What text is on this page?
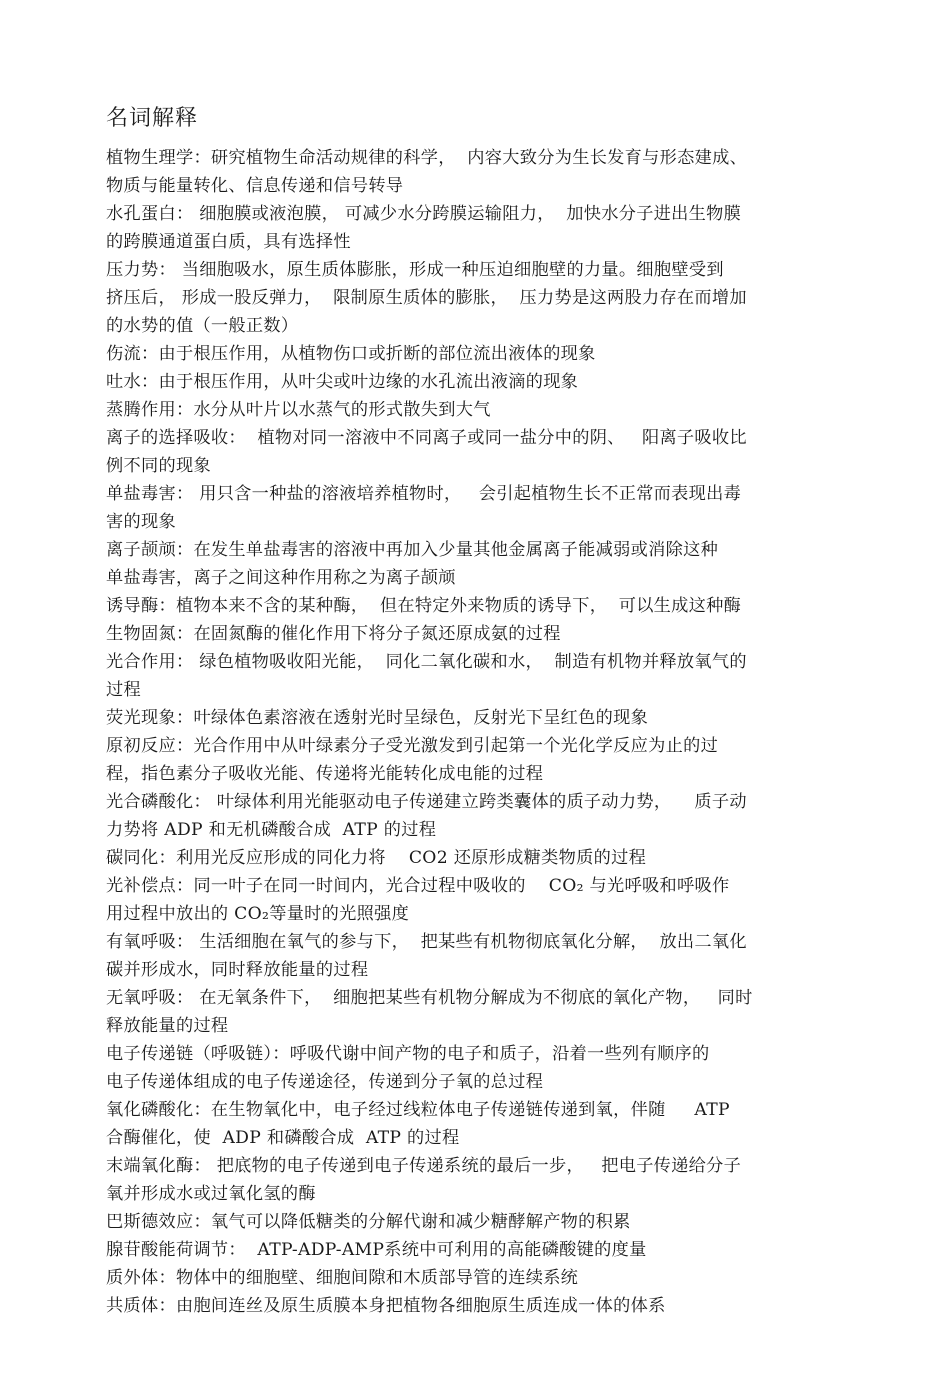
名词解释

植物生理学：研究植物生命活动规律的科学，  内容大致分为生长发育与形态建成、
物质与能量转化、信息传递和信号转导

水孔蛋白： 细胞膜或液泡膜， 可减少水分跨膜运输阻力，  加快水分子进出生物膜
的跨膜通道蛋白质，具有选择性

压力势： 当细胞吸水，原生质体膨胀，形成一种压迫细胞壁的力量。细胞壁受到
挤压后， 形成一股反弹力，  限制原生质体的膨胀，  压力势是这两股力存在而增加
的水势的值（一般正数）

伤流：由于根压作用，从植物伤口或折断的部位流出液体的现象

吐水：由于根压作用，从叶尖或叶边缘的水孔流出液滴的现象

蒸腾作用：水分从叶片以水蒸气的形式散失到大气

离子的选择吸收：  植物对同一溶液中不同离子或同一盐分中的阴、   阳离子吸收比
例不同的现象

单盐毒害： 用只含一种盐的溶液培养植物时，   会引起植物生长不正常而表现出毒
害的现象

离子颉颃：在发生单盐毒害的溶液中再加入少量其他金属离子能减弱或消除这种
单盐毒害，离子之间这种作用称之为离子颉颃

诱导酶：植物本来不含的某种酶，  但在特定外来物质的诱导下，  可以生成这种酶

生物固氮：在固氮酶的催化作用下将分子氮还原成氨的过程

光合作用： 绿色植物吸收阳光能，  同化二氧化碳和水，  制造有机物并释放氧气的
过程

荧光现象：叶绿体色素溶液在透射光时呈绿色，反射光下呈红色的现象

原初反应：光合作用中从叶绿素分子受光激发到引起第一个光化学反应为止的过
程，指色素分子吸收光能、传递将光能转化成电能的过程

光合磷酸化： 叶绿体利用光能驱动电子传递建立跨类囊体的质子动力势，    质子动
力势将 ADP 和无机磷酸合成  ATP 的过程

碳同化：利用光反应形成的同化力将    CO2 还原形成糖类物质的过程

光补偿点：同一叶子在同一时间内，光合过程中吸收的    CO₂ 与光呼吸和呼吸作
用过程中放出的 CO₂等量时的光照强度

有氧呼吸： 生活细胞在氧气的参与下，  把某些有机物彻底氧化分解，  放出二氧化
碳并形成水，同时释放能量的过程

无氧呼吸： 在无氧条件下，  细胞把某些有机物分解成为不彻底的氧化产物，   同时
释放能量的过程

电子传递链（呼吸链）：呼吸代谢中间产物的电子和质子，沿着一些列有顺序的
电子传递体组成的电子传递途径，传递到分子氧的总过程

氧化磷酸化：在生物氧化中，电子经过线粒体电子传递链传递到氧，伴随     ATP
合酶催化，使  ADP 和磷酸合成  ATP 的过程

末端氧化酶： 把底物的电子传递到电子传递系统的最后一步，   把电子传递给分子
氧并形成水或过氧化氢的酶

巴斯德效应：氧气可以降低糖类的分解代谢和减少糖酵解产物的积累

腺苷酸能荷调节：  ATP-ADP-AMP系统中可利用的高能磷酸键的度量

质外体：物体中的细胞壁、细胞间隙和木质部导管的连续系统

共质体：由胞间连丝及原生质膜本身把植物各细胞原生质连成一体的体系
